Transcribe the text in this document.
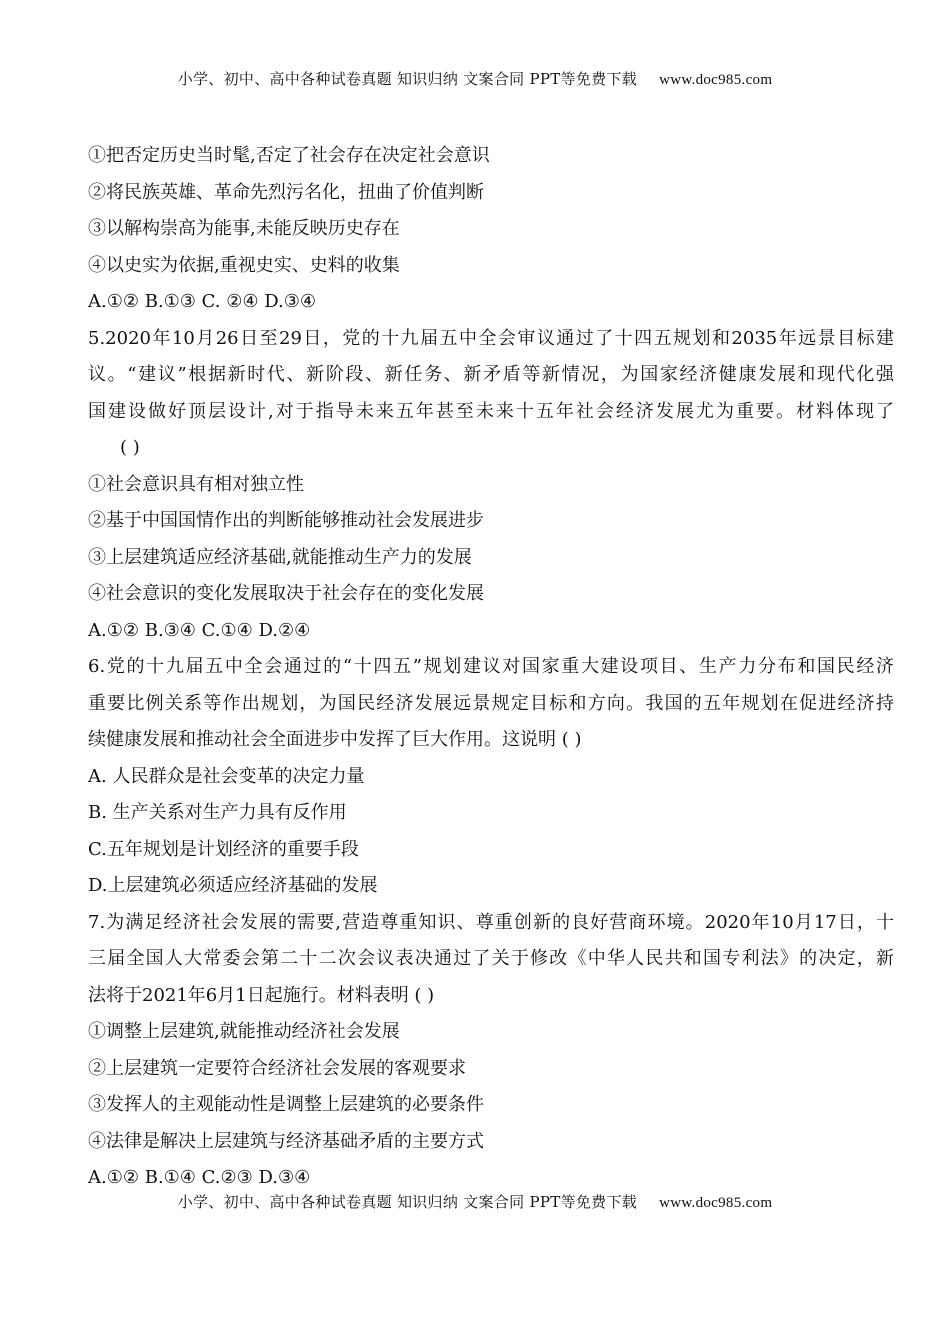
小学、初中、高中各种试卷真题 知识归纳 文案合同 PPT等免费下载 www.doc985.com
①把否定历史当时髦,否定了社会存在决定社会意识
②将民族英雄、革命先烈污名化，扭曲了价值判断
③以解构崇高为能事,未能反映历史存在
④以史实为依据,重视史实、史料的收集
A.①② B.①③ C. ②④ D.③④
5.2020年10月26日至29日，党的十九届五中全会审议通过了十四五规划和2035年远景目标建
议。“建议”根据新时代、新阶段、新任务、新矛盾等新情况，为国家经济健康发展和现代化强
国建设做好顶层设计,对于指导未来五年甚至未来十五年社会经济发展尤为重要。材料体现了
( )
①社会意识具有相对独立性
②基于中国国情作出的判断能够推动社会发展进步
③上层建筑适应经济基础,就能推动生产力的发展
④社会意识的变化发展取决于社会存在的变化发展
A.①② B.③④ C.①④ D.②④
6.党的十九届五中全会通过的“十四五”规划建议对国家重大建设项目、生产力分布和国民经济
重要比例关系等作出规划，为国民经济发展远景规定目标和方向。我国的五年规划在促进经济持
续健康发展和推动社会全面进步中发挥了巨大作用。这说明 ( )
A. 人民群众是社会变革的决定力量
B. 生产关系对生产力具有反作用
C.五年规划是计划经济的重要手段
D.上层建筑必须适应经济基础的发展
7.为满足经济社会发展的需要,营造尊重知识、尊重创新的良好营商环境。2020年10月17日，十
三届全国人大常委会第二十二次会议表决通过了关于修改《中华人民共和国专利法》的决定，新
法将于2021年6月1日起施行。材料表明 ( )
①调整上层建筑,就能推动经济社会发展
②上层建筑一定要符合经济社会发展的客观要求
③发挥人的主观能动性是调整上层建筑的必要条件
④法律是解决上层建筑与经济基础矛盾的主要方式
A.①② B.①④ C.②③ D.③④
小学、初中、高中各种试卷真题 知识归纳 文案合同 PPT等免费下载 www.doc985.com
